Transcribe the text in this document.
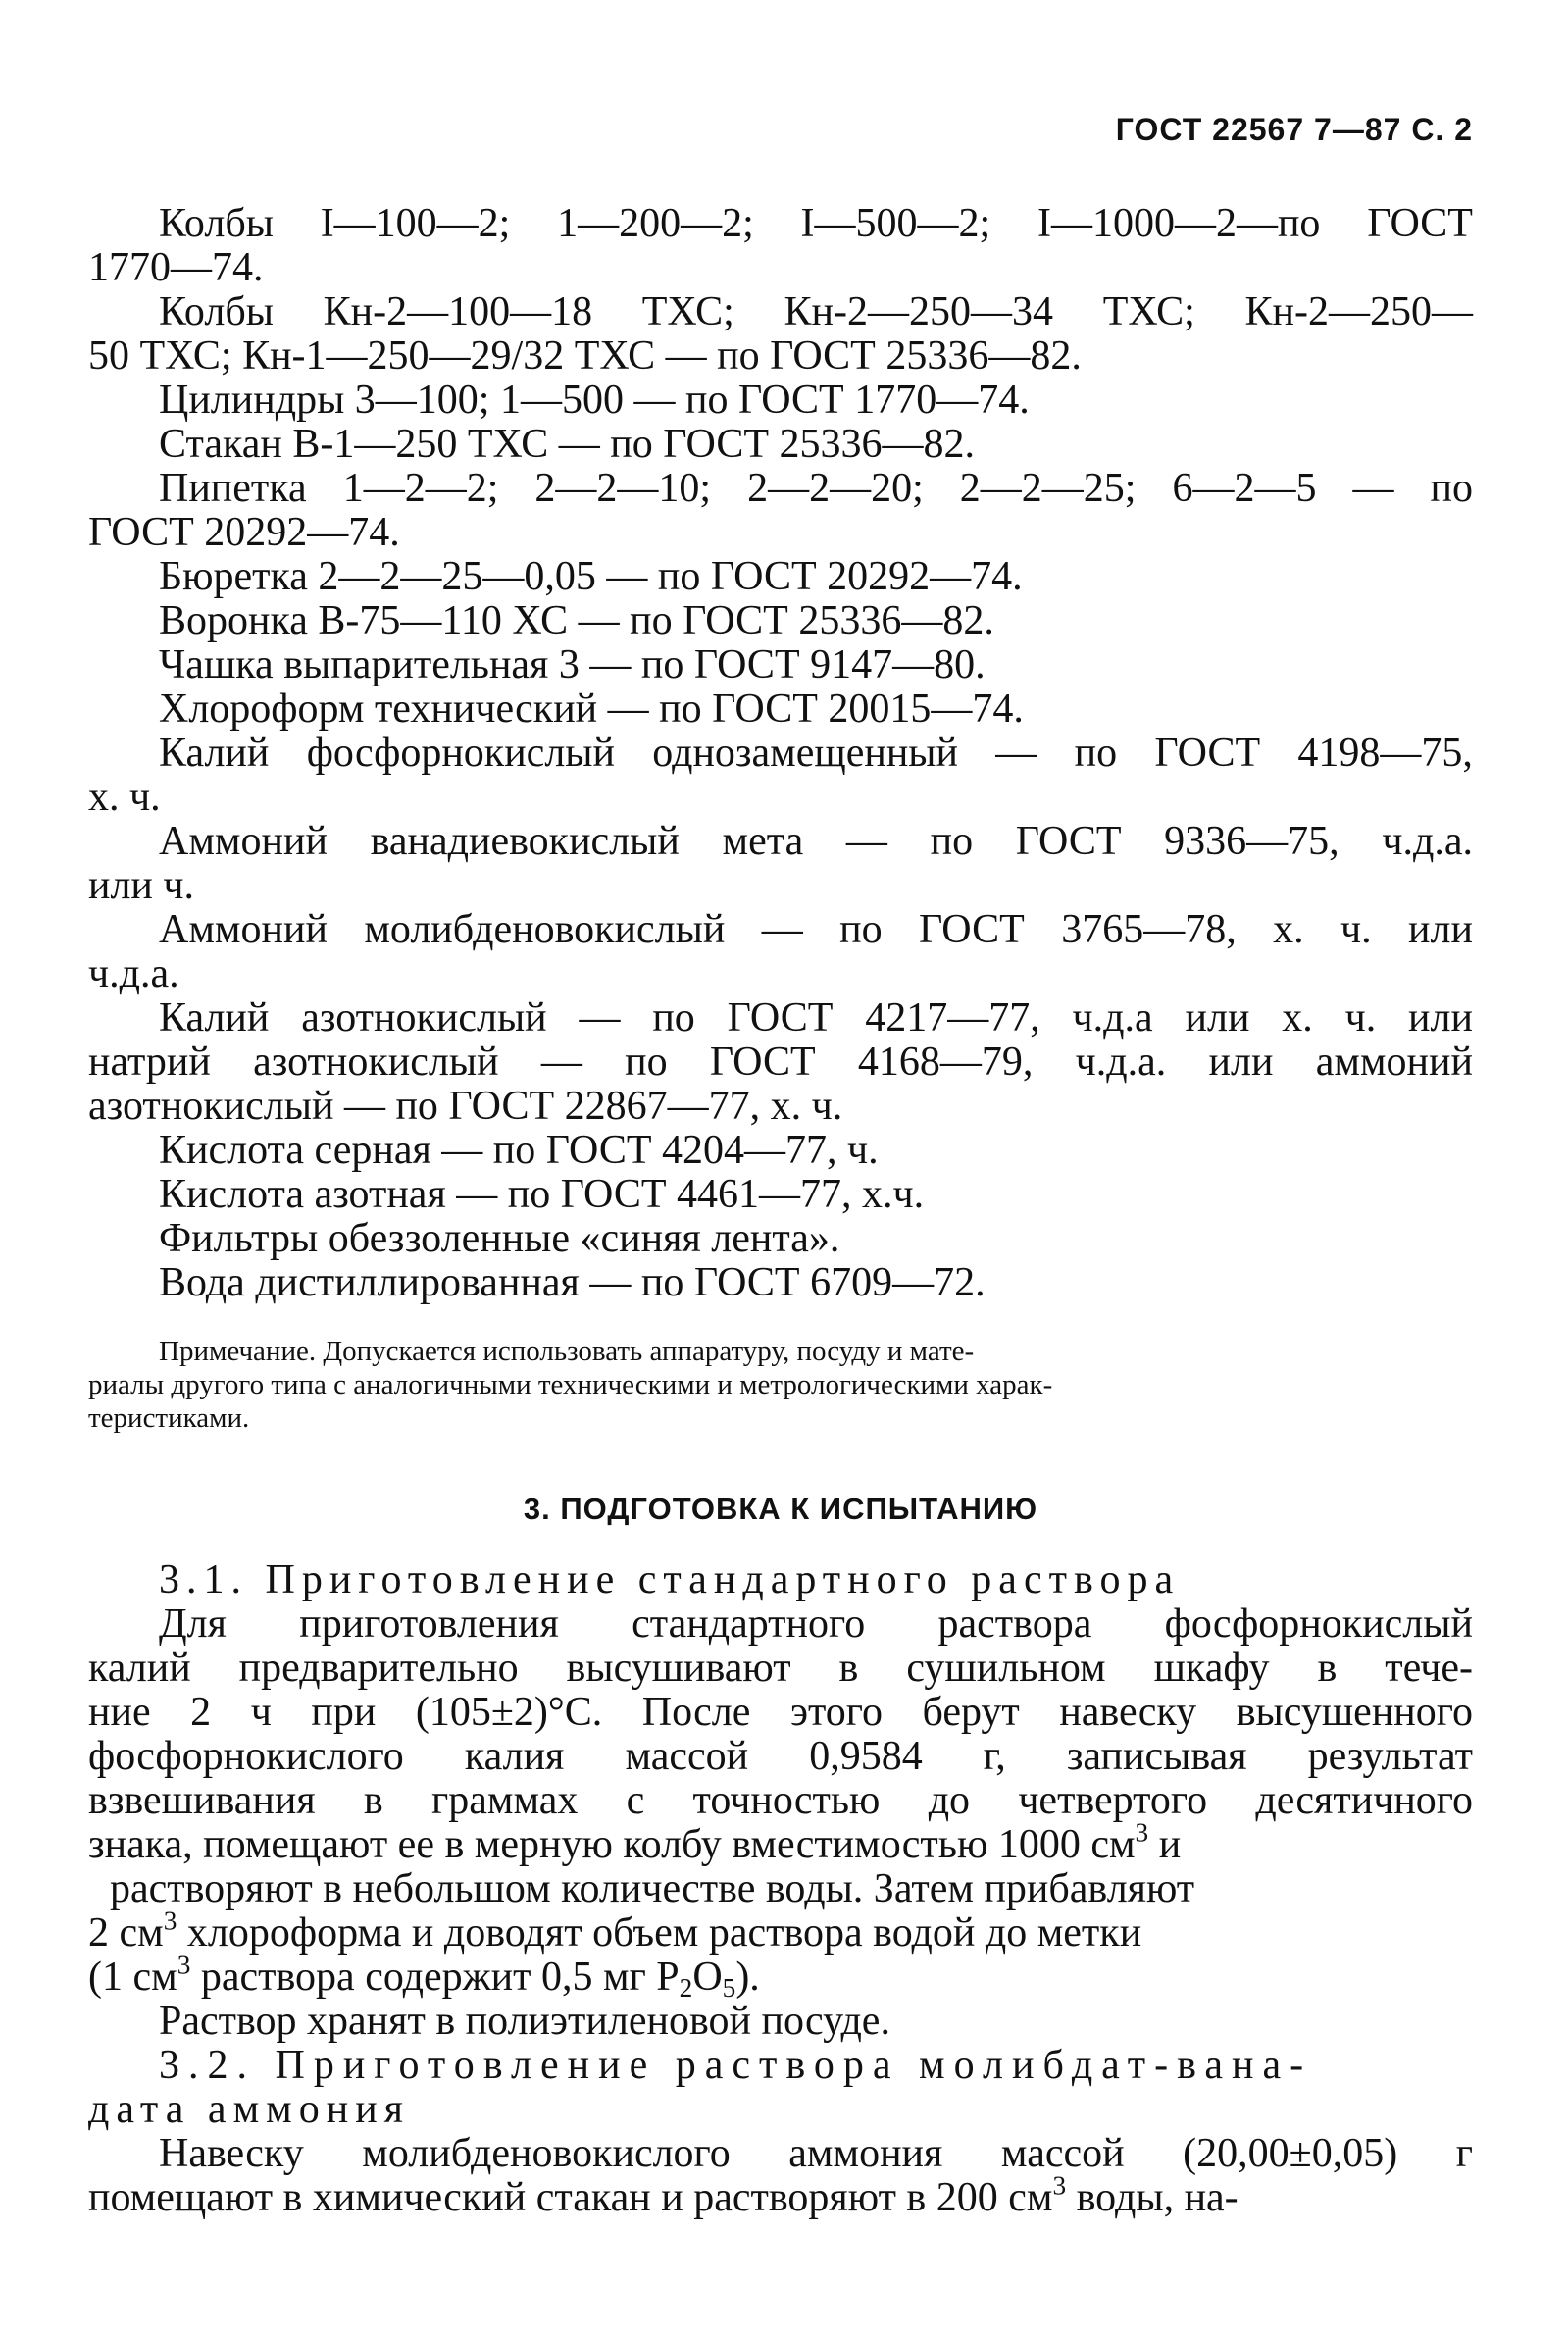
ГОСТ 22567 7—87 С. 2
Колбы I—100—2; 1—200—2; I—500—2; I—1000—2—по ГОСТ
1770—74.
Колбы Кн-2—100—18 ТХС; Кн-2—250—34 ТХС; Кн-2—250—
50 ТХС; Кн-1—250—29/32 ТХС — по ГОСТ 25336—82.
Цилиндры 3—100; 1—500 — по ГОСТ 1770—74.
Стакан В-1—250 ТХС — по ГОСТ 25336—82.
Пипетка 1—2—2; 2—2—10; 2—2—20; 2—2—25; 6—2—5 — по
ГОСТ 20292—74.
Бюретка 2—2—25—0,05 — по ГОСТ 20292—74.
Воронка В-75—110 ХС — по ГОСТ 25336—82.
Чашка выпарительная 3 — по ГОСТ 9147—80.
Хлороформ технический — по ГОСТ 20015—74.
Калий фосфорнокислый однозамещенный — по ГОСТ 4198—75,
х. ч.
Аммоний ванадиевокислый мета — по ГОСТ 9336—75, ч.д.а.
или ч.
Аммоний молибденовокислый — по ГОСТ 3765—78, х. ч. или
ч.д.а.
Калий азотнокислый — по ГОСТ 4217—77, ч.д.а или х. ч. или
натрий азотнокислый — по ГОСТ 4168—79, ч.д.а. или аммоний
азотнокислый — по ГОСТ 22867—77, х. ч.
Кислота серная — по ГОСТ 4204—77, ч.
Кислота азотная — по ГОСТ 4461—77, х.ч.
Фильтры обеззоленные «синяя лента».
Вода дистиллированная — по ГОСТ 6709—72.
Примечание. Допускается использовать аппаратуру, посуду и мате-
риалы другого типа с аналогичными техническими и метрологическими харак-
теристиками.
3. ПОДГОТОВКА К ИСПЫТАНИЮ
3.1. Приготовление стандартного раствора
Для приготовления стандартного раствора фосфорнокислый
калий предварительно высушивают в сушильном шкафу в тече-
ние 2 ч при (105±2)°С. После этого берут навеску высушенного
фосфорнокислого калия массой 0,9584 г, записывая результат
взвешивания в граммах с точностью до четвертого десятичного
знака, помещают ее в мерную колбу вместимостью 1000 $см^3$ и
растворяют в небольшом количестве воды. Затем прибавляют
2 $см^3$ хлороформа и доводят объем раствора водой до метки
(1 $см^3$ раствора содержит 0,5 мг $P_2O_5$).
Раствор хранят в полиэтиленовой посуде.
3.2. Приготовление раствора молибдат-вана-
дата аммония
Навеску молибденовокислого аммония массой (20,00±0,05) г
помещают в химический стакан и растворяют в 200 $см^3$ воды, на-
